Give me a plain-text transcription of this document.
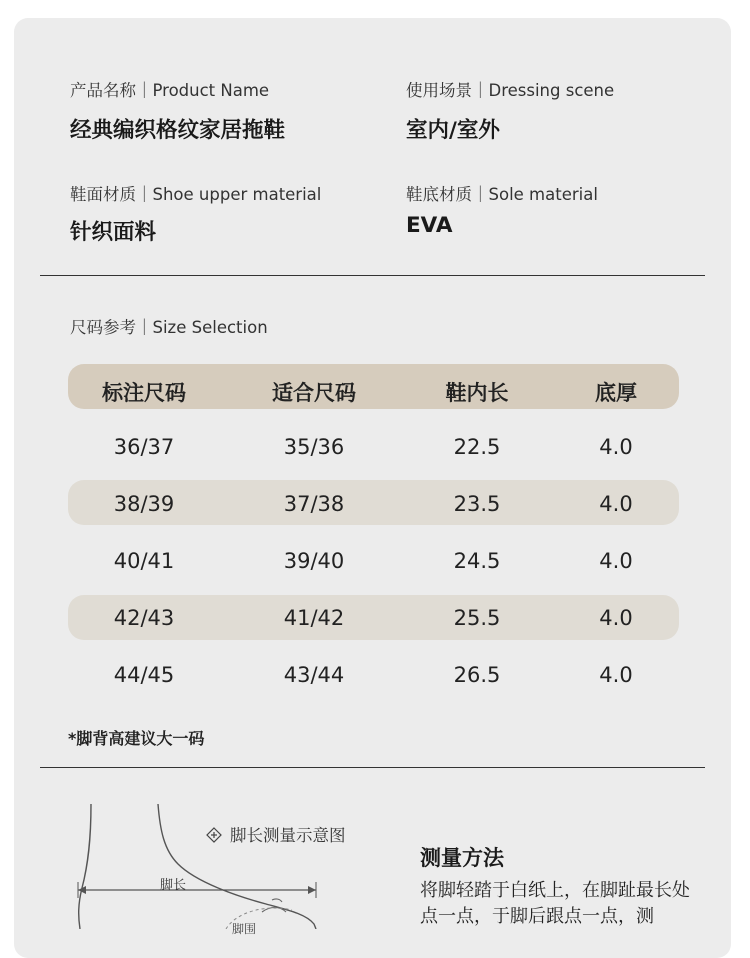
产品名称｜Product Name
经典编织格纹家居拖鞋
使用场景｜Dressing scene
室内/室外
鞋面材质｜Shoe upper material
针织面料
鞋底材质｜Sole material
EVA
尺码参考｜Size Selection
标注尺码	适合尺码	鞋内长	底厚
36/37	35/36	22.5	4.0
38/39	37/38	23.5	4.0
40/41	39/40	24.5	4.0
42/43	41/42	25.5	4.0
44/45	43/44	26.5	4.0
*脚背高建议大一码
脚长
脚围
脚长测量示意图
测量方法
将脚轻踏于白纸上，在脚趾最长处点一点，于脚后跟点一点，测
